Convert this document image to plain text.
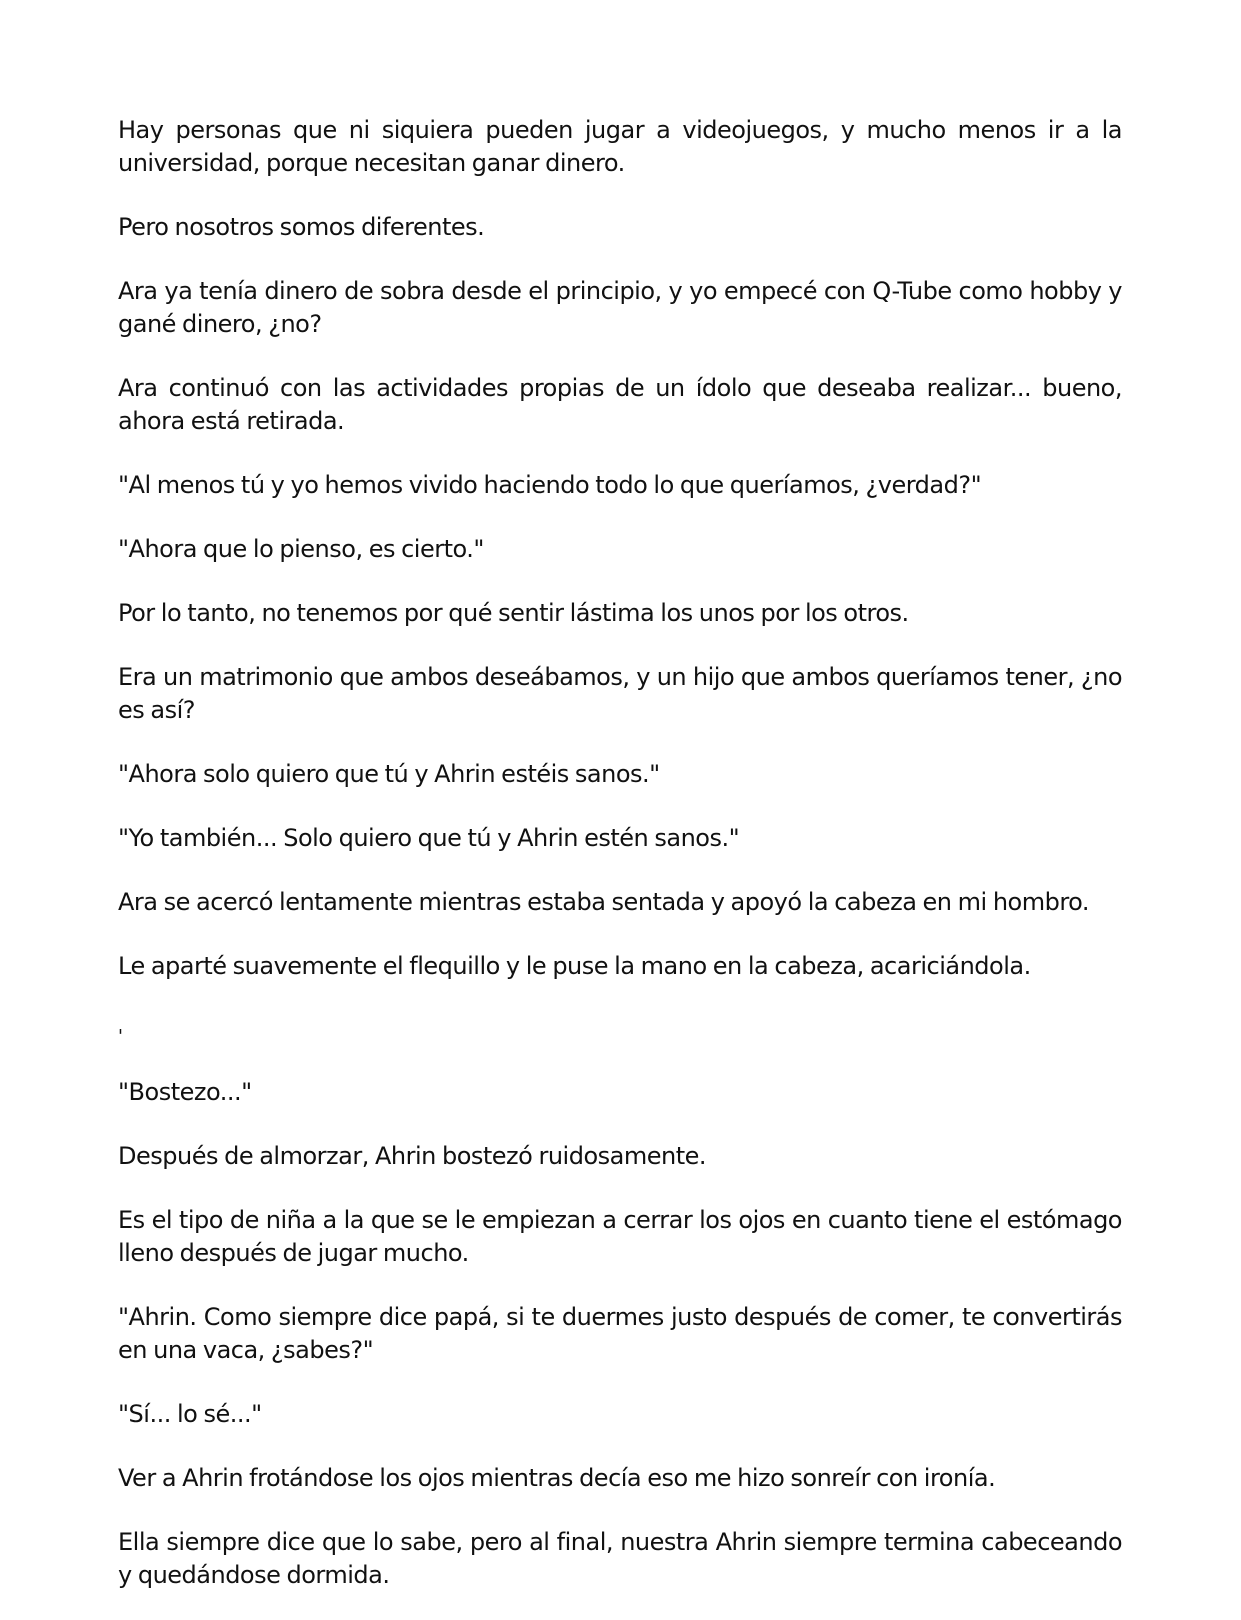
Hay personas que ni siquiera pueden jugar a videojuegos, y mucho menos ir a la universidad, porque necesitan ganar dinero.

Pero nosotros somos diferentes.

Ara ya tenía dinero de sobra desde el principio, y yo empecé con Q-Tube como hobby y gané dinero, ¿no?

Ara continuó con las actividades propias de un ídolo que deseaba realizar... bueno, ahora está retirada.

"Al menos tú y yo hemos vivido haciendo todo lo que queríamos, ¿verdad?"

"Ahora que lo pienso, es cierto."

Por lo tanto, no tenemos por qué sentir lástima los unos por los otros.

Era un matrimonio que ambos deseábamos, y un hijo que ambos queríamos tener, ¿no es así?

"Ahora solo quiero que tú y Ahrin estéis sanos."

"Yo también... Solo quiero que tú y Ahrin estén sanos."

Ara se acercó lentamente mientras estaba sentada y apoyó la cabeza en mi hombro.

Le aparté suavemente el flequillo y le puse la mano en la cabeza, acariciándola.

'

"Bostezo..."

Después de almorzar, Ahrin bostezó ruidosamente.

Es el tipo de niña a la que se le empiezan a cerrar los ojos en cuanto tiene el estómago lleno después de jugar mucho.

"Ahrin. Como siempre dice papá, si te duermes justo después de comer, te convertirás en una vaca, ¿sabes?"

"Sí... lo sé..."

Ver a Ahrin frotándose los ojos mientras decía eso me hizo sonreír con ironía.

Ella siempre dice que lo sabe, pero al final, nuestra Ahrin siempre termina cabeceando y quedándose dormida.
